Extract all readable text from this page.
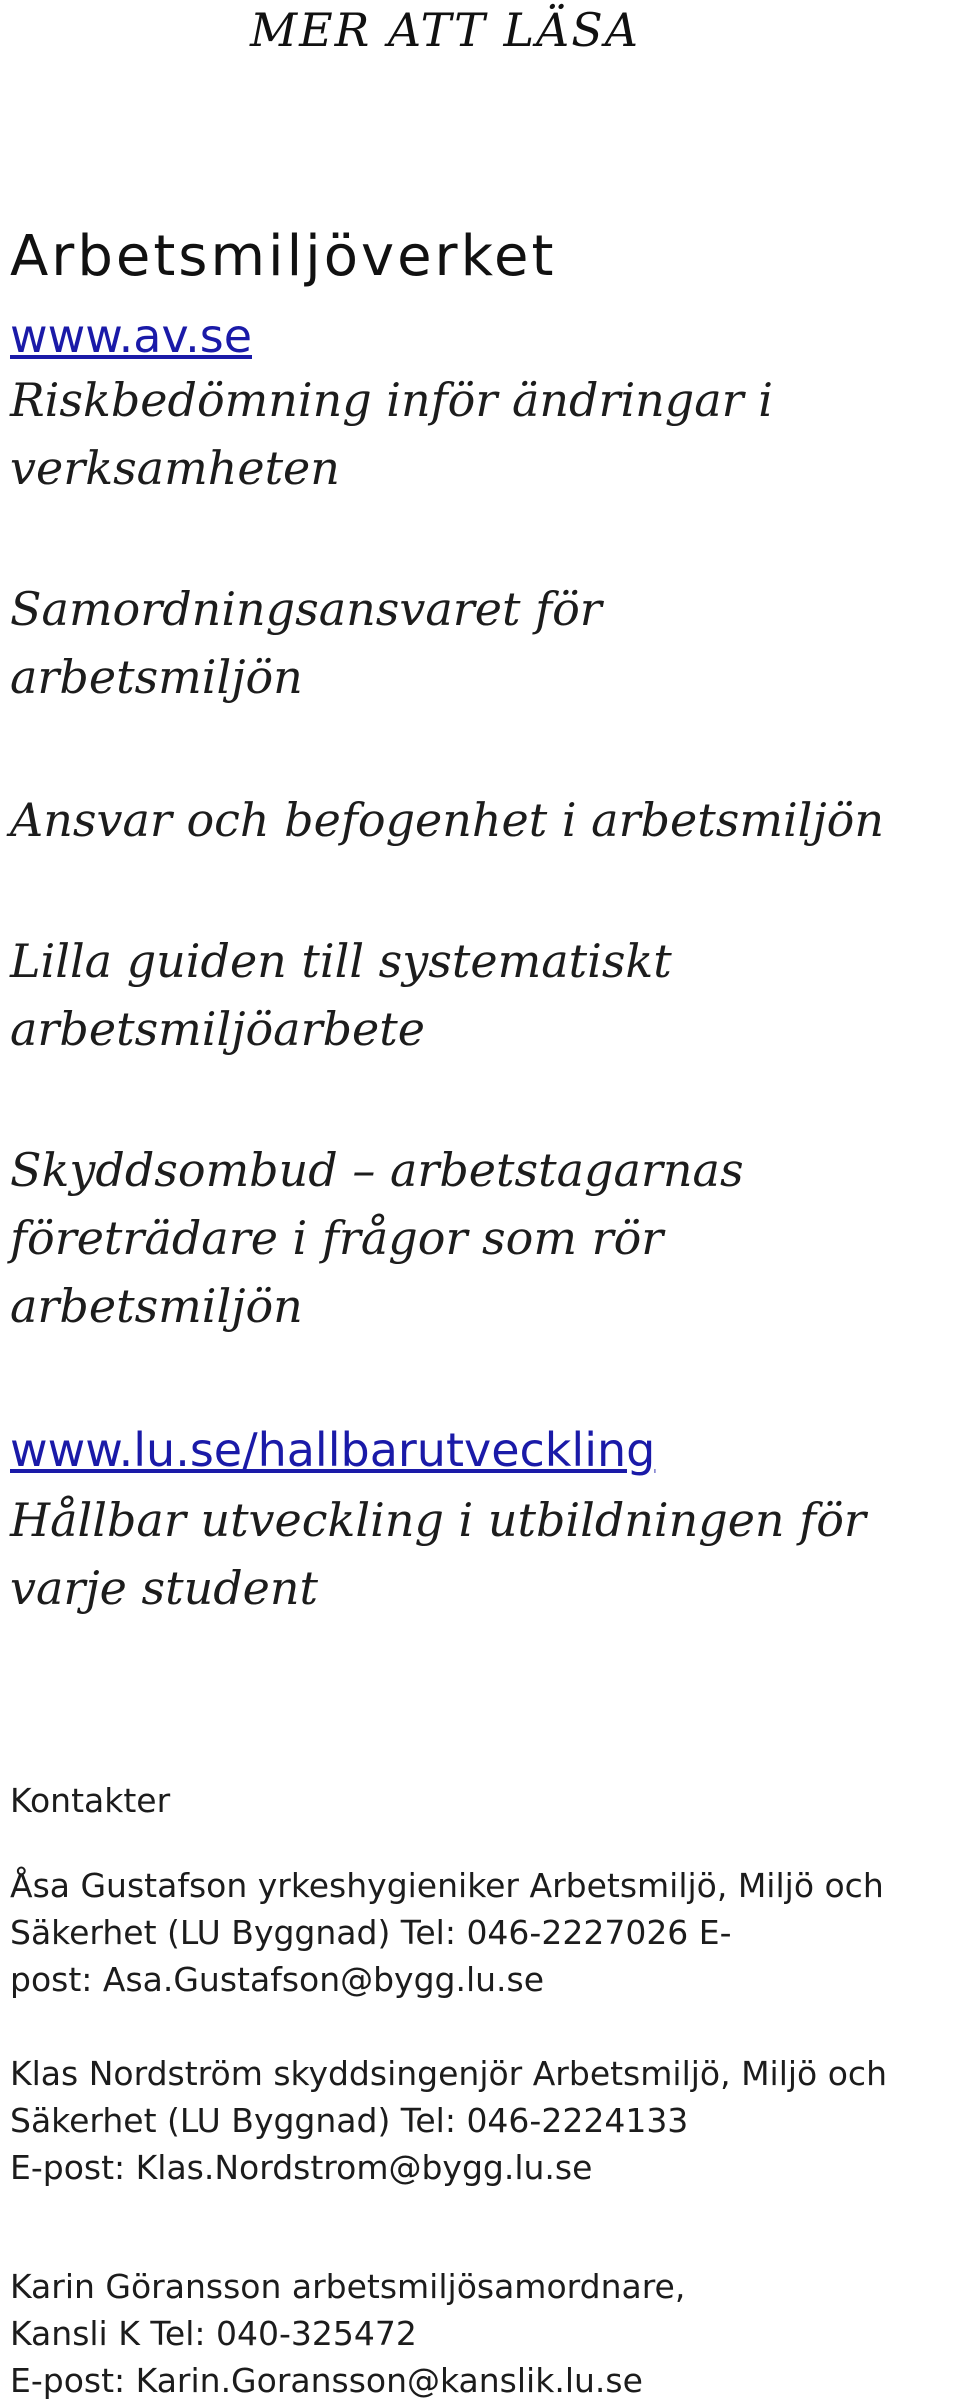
MER ATT LÄSA
Arbetsmiljöverket
www.av.se
Riskbedömning inför ändringar i
verksamheten
Samordningsansvaret för
arbetsmiljön
Ansvar och befogenhet i arbetsmiljön
Lilla guiden till systematiskt
arbetsmiljöarbete
Skyddsombud – arbetstagarnas
företrädare i frågor som rör
arbetsmiljön
www.lu.se/hallbarutveckling
Hållbar utveckling i utbildningen för
varje student
Kontakter
Åsa Gustafson yrkeshygieniker Arbetsmiljö, Miljö och
Säkerhet (LU Byggnad) Tel: 046-2227026 E-
post: Asa.Gustafson@bygg.lu.se
Klas Nordström skyddsingenjör Arbetsmiljö, Miljö och
Säkerhet (LU Byggnad) Tel: 046-2224133
E-post: Klas.Nordstrom@bygg.lu.se
Karin Göransson arbetsmiljösamordnare,
Kansli K Tel: 040-325472
E-post: Karin.Goransson@kanslik.lu.se
